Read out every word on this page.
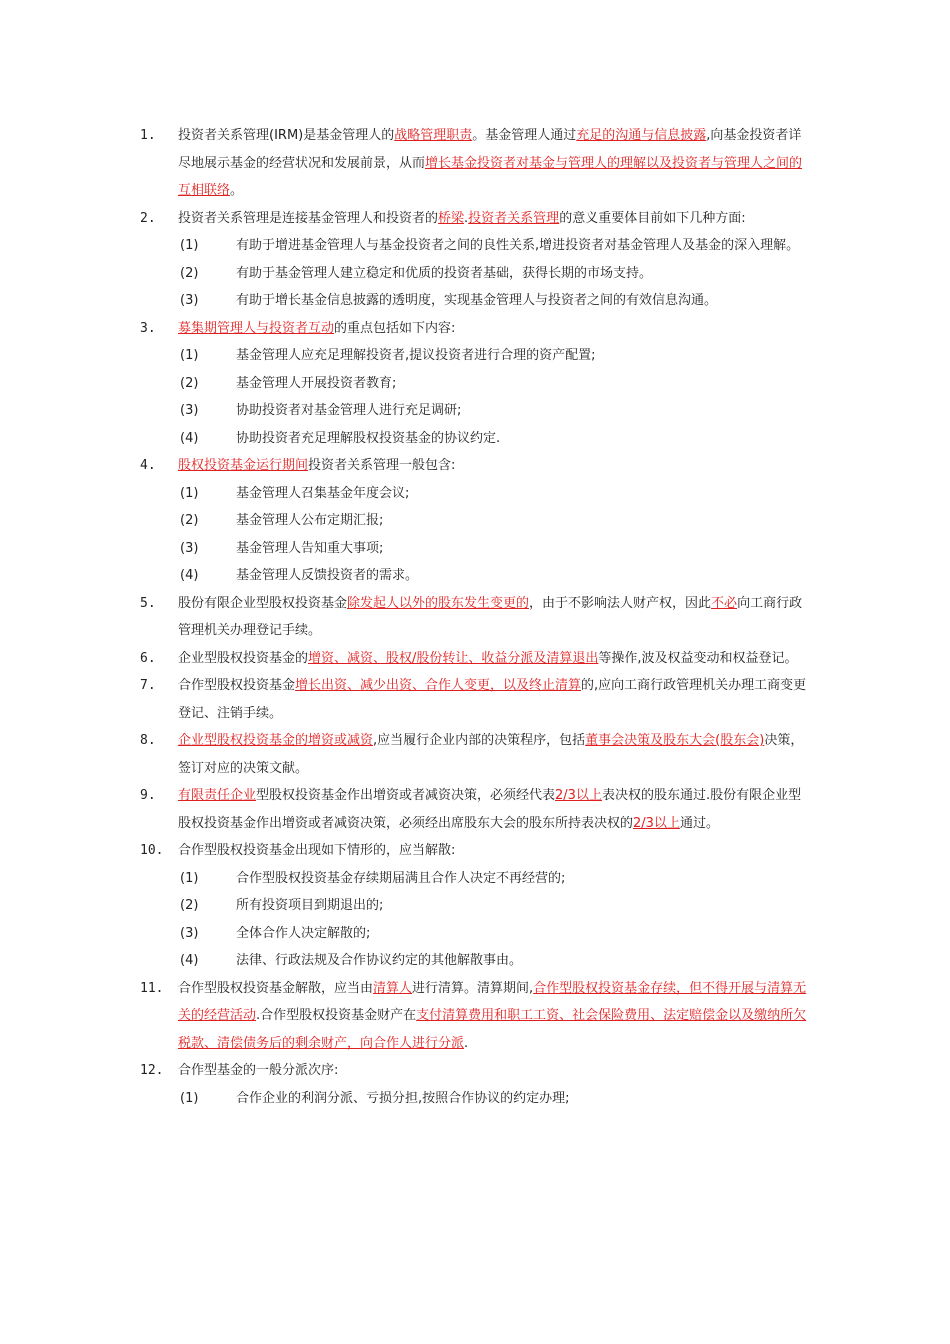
1. 投资者关系管理(IRM)是基金管理人的战略管理职责。基金管理人通过充足的沟通与信息披露,向基金投资者详尽地展示基金的经营状况和发展前景，从而增长基金投资者对基金与管理人的理解以及投资者与管理人之间的互相联络。
2. 投资者关系管理是连接基金管理人和投资者的桥梁.投资者关系管理的意义重要体目前如下几种方面:
(1)	有助于增进基金管理人与基金投资者之间的良性关系,增进投资者对基金管理人及基金的深入理解。
(2)	有助于基金管理人建立稳定和优质的投资者基础，获得长期的市场支持。
(3)	有助于增长基金信息披露的透明度，实现基金管理人与投资者之间的有效信息沟通。
3. 募集期管理人与投资者互动的重点包括如下内容:
(1)	基金管理人应充足理解投资者,提议投资者进行合理的资产配置;
(2)	基金管理人开展投资者教育;
(3)	协助投资者对基金管理人进行充足调研;
(4)	协助投资者充足理解股权投资基金的协议约定.
4. 股权投资基金运行期间投资者关系管理一般包含:
(1)	基金管理人召集基金年度会议;
(2)	基金管理人公布定期汇报;
(3)	基金管理人告知重大事项;
(4)	基金管理人反馈投资者的需求。
5. 股份有限企业型股权投资基金除发起人以外的股东发生变更的，由于不影响法人财产权，因此不必向工商行政管理机关办理登记手续。
6. 企业型股权投资基金的增资、减资、股权/股份转让、收益分派及清算退出等操作,波及权益变动和权益登记。
7. 合作型股权投资基金增长出资、减少出资、合作人变更，以及终止清算的,应向工商行政管理机关办理工商变更登记、注销手续。
8. 企业型股权投资基金的增资或减资,应当履行企业内部的决策程序，包括董事会决策及股东大会(股东会)决策，签订对应的决策文献。
9. 有限责任企业型股权投资基金作出增资或者减资决策，必须经代表2/3以上表决权的股东通过.股份有限企业型股权投资基金作出增资或者减资决策，必须经出席股东大会的股东所持表决权的2/3以上通过。
10. 合作型股权投资基金出现如下情形的，应当解散:
(1)	合作型股权投资基金存续期届满且合作人决定不再经营的;
(2)	所有投资项目到期退出的;
(3)	全体合作人决定解散的;
(4)	法律、行政法规及合作协议约定的其他解散事由。
11. 合作型股权投资基金解散，应当由清算人进行清算。清算期间,合作型股权投资基金存续，但不得开展与清算无关的经营活动.合作型股权投资基金财产在支付清算费用和职工工资、社会保险费用、法定赔偿金以及缴纳所欠税款、清偿债务后的剩余财产，向合作人进行分派.
12. 合作型基金的一般分派次序:
(1)	合作企业的利润分派、亏损分担,按照合作协议的约定办理;
